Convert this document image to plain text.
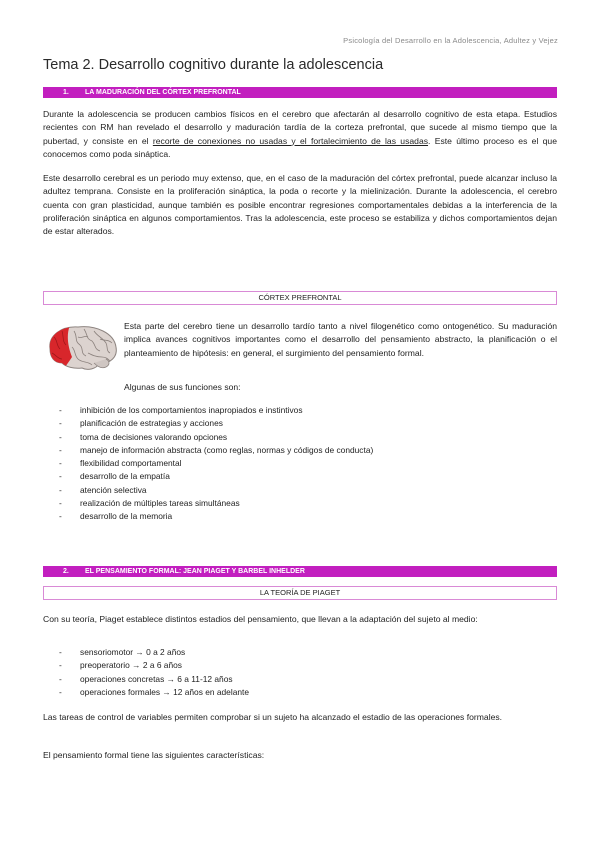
Psicología del Desarrollo en la Adolescencia, Adultez y Vejez
Tema 2. Desarrollo cognitivo durante la adolescencia
1. LA MADURACIÓN DEL CÓRTEX PREFRONTAL
Durante la adolescencia se producen cambios físicos en el cerebro que afectarán al desarrollo cognitivo de esta etapa. Estudios recientes con RM han revelado el desarrollo y maduración tardía de la corteza prefrontal, que sucede al mismo tiempo que la pubertad, y consiste en el recorte de conexiones no usadas y el fortalecimiento de las usadas. Este último proceso es el que conocemos como poda sináptica.
Este desarrollo cerebral es un periodo muy extenso, que, en el caso de la maduración del córtex prefrontal, puede alcanzar incluso la adultez temprana. Consiste en la proliferación sináptica, la poda o recorte y la mielinización. Durante la adolescencia, el cerebro cuenta con gran plasticidad, aunque también es posible encontrar regresiones comportamentales debidas a la interferencia de la proliferación sináptica en algunos comportamientos. Tras la adolescencia, este proceso se estabiliza y dichos comportamientos dejan de estar alterados.
CÓRTEX PREFRONTAL
Esta parte del cerebro tiene un desarrollo tardío tanto a nivel filogenético como ontogenético. Su maduración implica avances cognitivos importantes como el desarrollo del pensamiento abstracto, la planificación o el planteamiento de hipótesis: en general, el surgimiento del pensamiento formal.
Algunas de sus funciones son:
- inhibición de los comportamientos inapropiados e instintivos
- planificación de estrategias y acciones
- toma de decisiones valorando opciones
- manejo de información abstracta (como reglas, normas y códigos de conducta)
- flexibilidad comportamental
- desarrollo de la empatía
- atención selectiva
- realización de múltiples tareas simultáneas
- desarrollo de la memoria
2. EL PENSAMIENTO FORMAL: JEAN PIAGET Y BARBEL INHELDER
LA TEORÍA DE PIAGET
Con su teoría, Piaget establece distintos estadios del pensamiento, que llevan a la adaptación del sujeto al medio:
- sensoriomotor → 0 a 2 años
- preoperatorio → 2 a 6 años
- operaciones concretas → 6 a 11-12 años
- operaciones formales → 12 años en adelante
Las tareas de control de variables permiten comprobar si un sujeto ha alcanzado el estadio de las operaciones formales.
El pensamiento formal tiene las siguientes características:
